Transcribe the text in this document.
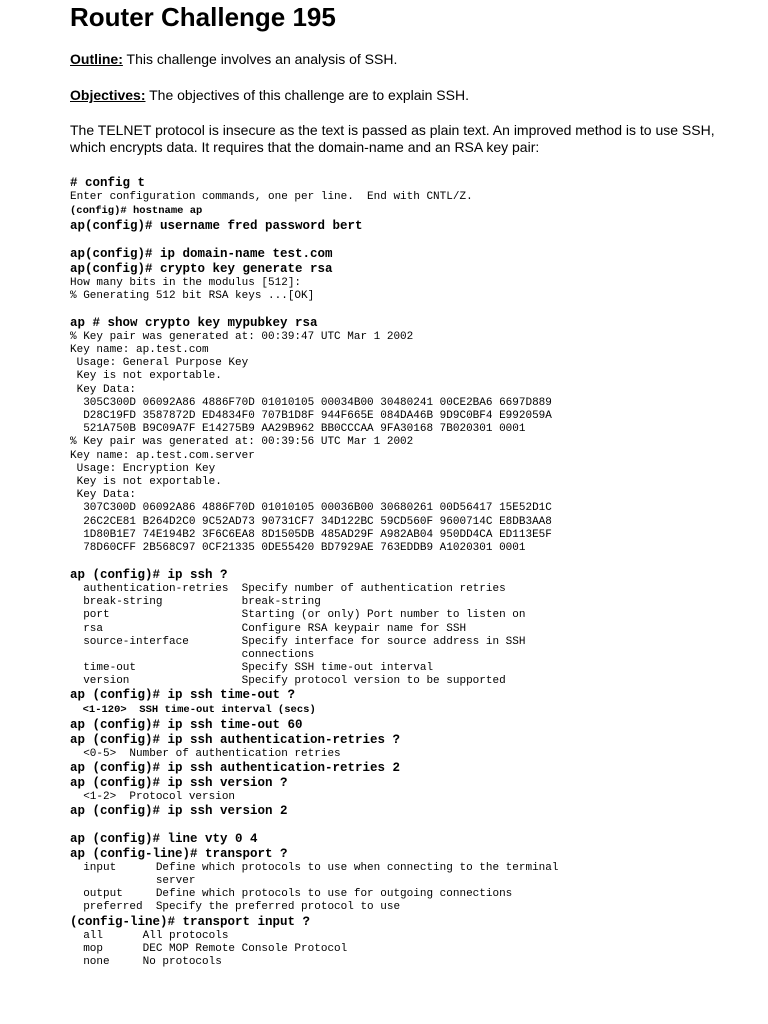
Router Challenge 195

Outline: This challenge involves an analysis of SSH.

Objectives: The objectives of this challenge are to explain SSH.

The TELNET protocol is insecure as the text is passed as plain text. An improved method is to use SSH, which encrypts data. It requires that the domain-name and an RSA key pair:

# config t
Enter configuration commands, one per line.  End with CNTL/Z.
(config)# hostname ap
ap(config)# username fred password bert
ap(config)# ip domain-name test.com
ap(config)# crypto key generate rsa
How many bits in the modulus [512]:
% Generating 512 bit RSA keys ...[OK]
ap # show crypto key mypubkey rsa
% Key pair was generated at: 00:39:47 UTC Mar 1 2002
Key name: ap.test.com
Usage: General Purpose Key
Key is not exportable.
Key Data:
305C300D 06092A86 4886F70D 01010105 00034B00 30480241 00CE2BA6 6697D889
D28C19FD 3587872D ED4834F0 707B1D8F 944F665E 084DA46B 9D9C0BF4 E992059A
521A750B B9C09A7F E14275B9 AA29B962 BB0CCCAA 9FA30168 7B020301 0001
% Key pair was generated at: 00:39:56 UTC Mar 1 2002
Key name: ap.test.com.server
Usage: Encryption Key
Key is not exportable.
Key Data:
307C300D 06092A86 4886F70D 01010105 00036B00 30680261 00D56417 15E52D1C
26C2CE81 B264D2C0 9C52AD73 90731CF7 34D122BC 59CD560F 9600714C E8DB3AA8
1D80B1E7 74E194B2 3F6C6EA8 8D1505DB 485AD29F A982AB04 950DD4CA ED113E5F
78D60CFF 2B568C97 0CF21335 0DE55420 BD7929AE 763EDDB9 A1020301 0001
ap (config)# ip ssh ?
authentication-retries  Specify number of authentication retries
break-string            break-string
port                    Starting (or only) Port number to listen on
rsa                     Configure RSA keypair name for SSH
source-interface        Specify interface for source address in SSH
connections
time-out                Specify SSH time-out interval
version                 Specify protocol version to be supported
ap (config)# ip ssh time-out ?
<1-120>  SSH time-out interval (secs)
ap (config)# ip ssh time-out 60
ap (config)# ip ssh authentication-retries ?
<0-5>  Number of authentication retries
ap (config)# ip ssh authentication-retries 2
ap (config)# ip ssh version ?
<1-2>  Protocol version
ap (config)# ip ssh version 2
ap (config)# line vty 0 4
ap (config-line)# transport ?
input      Define which protocols to use when connecting to the terminal
server
output     Define which protocols to use for outgoing connections
preferred  Specify the preferred protocol to use
(config-line)# transport input ?
all      All protocols
mop      DEC MOP Remote Console Protocol
none     No protocols
